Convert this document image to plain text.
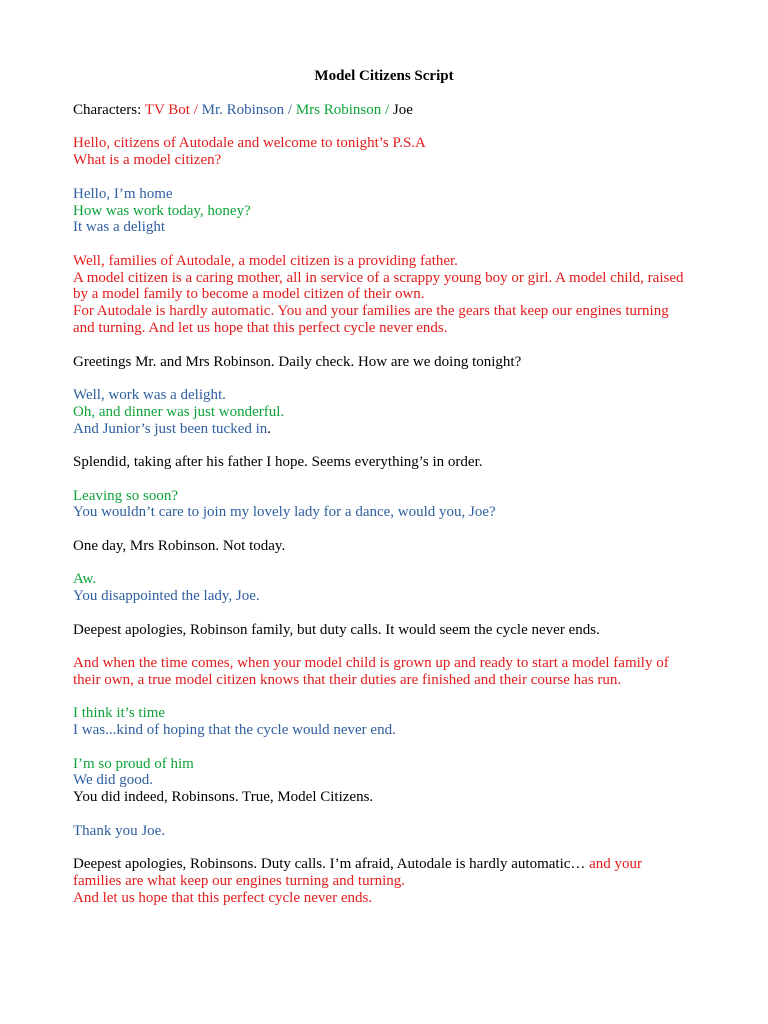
Model Citizens Script
Characters: TV Bot / Mr. Robinson / Mrs Robinson / Joe
Hello, citizens of Autodale and welcome to tonight’s P.S.A
What is a model citizen?
Hello, I’m home
How was work today, honey?
It was a delight
Well, families of Autodale, a model citizen is a providing father.
A model citizen is a caring mother, all in service of a scrappy young boy or girl. A model child, raised by a model family to become a model citizen of their own.
For Autodale is hardly automatic. You and your families are the gears that keep our engines turning and turning. And let us hope that this perfect cycle never ends.
Greetings Mr. and Mrs Robinson. Daily check. How are we doing tonight?
Well, work was a delight.
Oh, and dinner was just wonderful.
And Junior’s just been tucked in.
Splendid, taking after his father I hope. Seems everything’s in order.
Leaving so soon?
You wouldn’t care to join my lovely lady for a dance, would you, Joe?
One day, Mrs Robinson. Not today.
Aw.
You disappointed the lady, Joe.
Deepest apologies, Robinson family, but duty calls. It would seem the cycle never ends.
And when the time comes, when your model child is grown up and ready to start a model family of their own, a true model citizen knows that their duties are finished and their course has run.
I think it’s time
I was...kind of hoping that the cycle would never end.
I’m so proud of him
We did good.
You did indeed, Robinsons. True, Model Citizens.
Thank you Joe.
Deepest apologies, Robinsons. Duty calls. I’m afraid, Autodale is hardly automatic… and your families are what keep our engines turning and turning.
And let us hope that this perfect cycle never ends.
